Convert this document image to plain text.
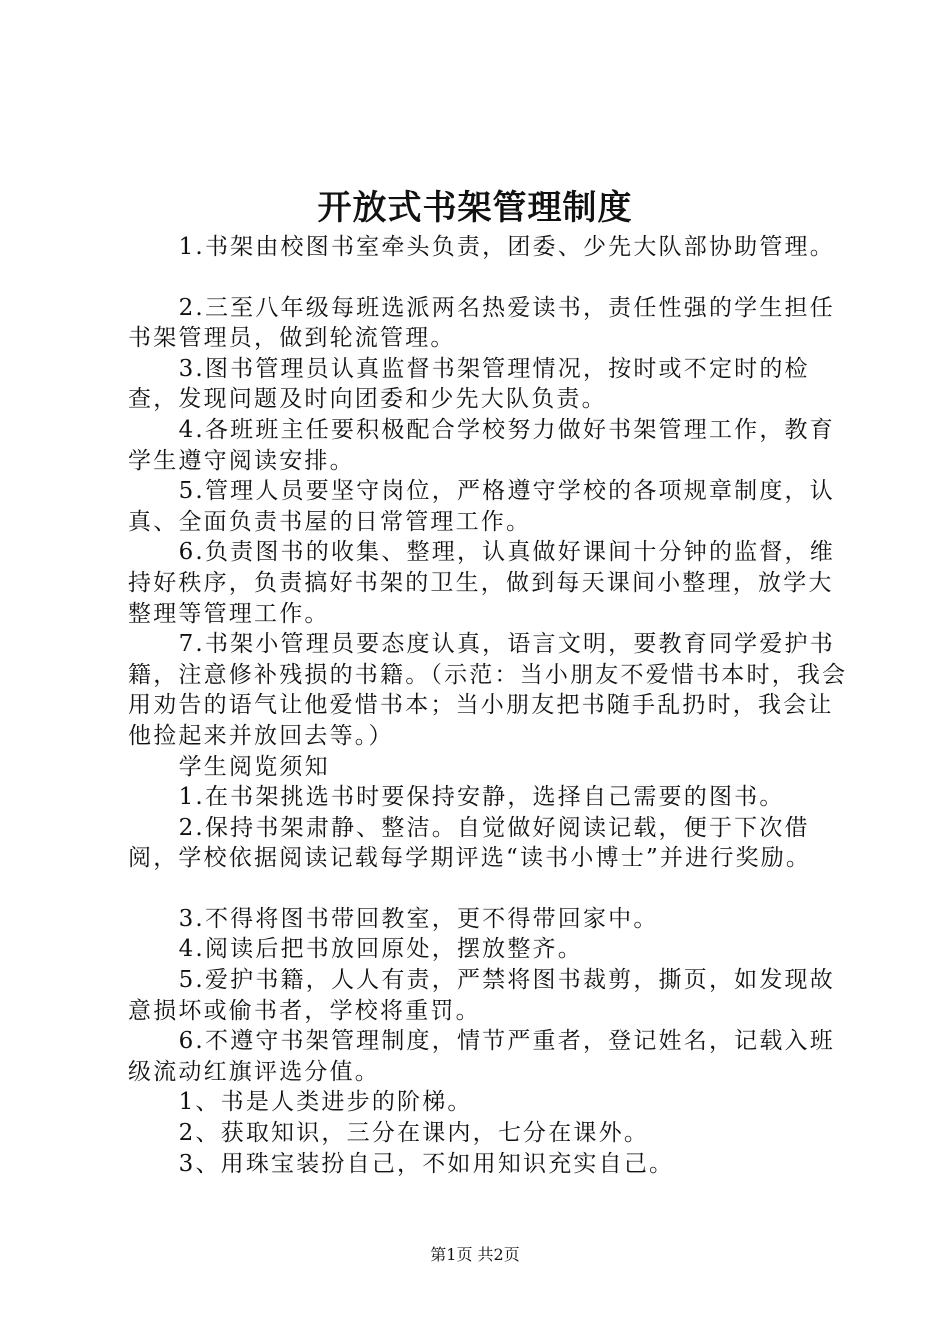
开放式书架管理制度

1.书架由校图书室牵头负责，团委、少先大队部协助管理。

2.三至八年级每班选派两名热爱读书，责任性强的学生担任书架管理员，做到轮流管理。

3.图书管理员认真监督书架管理情况，按时或不定时的检查，发现问题及时向团委和少先大队负责。

4.各班班主任要积极配合学校努力做好书架管理工作，教育学生遵守阅读安排。

5.管理人员要坚守岗位，严格遵守学校的各项规章制度，认真、全面负责书屋的日常管理工作。

6.负责图书的收集、整理，认真做好课间十分钟的监督，维持好秩序，负责搞好书架的卫生，做到每天课间小整理，放学大整理等管理工作。

7.书架小管理员要态度认真，语言文明，要教育同学爱护书籍，注意修补残损的书籍。（示范：当小朋友不爱惜书本时，我会用劝告的语气让他爱惜书本；当小朋友把书随手乱扔时，我会让他捡起来并放回去等。）

学生阅览须知

1.在书架挑选书时要保持安静，选择自己需要的图书。

2.保持书架肃静、整洁。自觉做好阅读记载，便于下次借阅，学校依据阅读记载每学期评选“读书小博士”并进行奖励。

3.不得将图书带回教室，更不得带回家中。

4.阅读后把书放回原处，摆放整齐。

5.爱护书籍，人人有责，严禁将图书裁剪，撕页，如发现故意损坏或偷书者，学校将重罚。

6.不遵守书架管理制度，情节严重者，登记姓名，记载入班级流动红旗评选分值。

1、书是人类进步的阶梯。

2、获取知识，三分在课内，七分在课外。

3、用珠宝装扮自己，不如用知识充实自己。

第1页 共2页
